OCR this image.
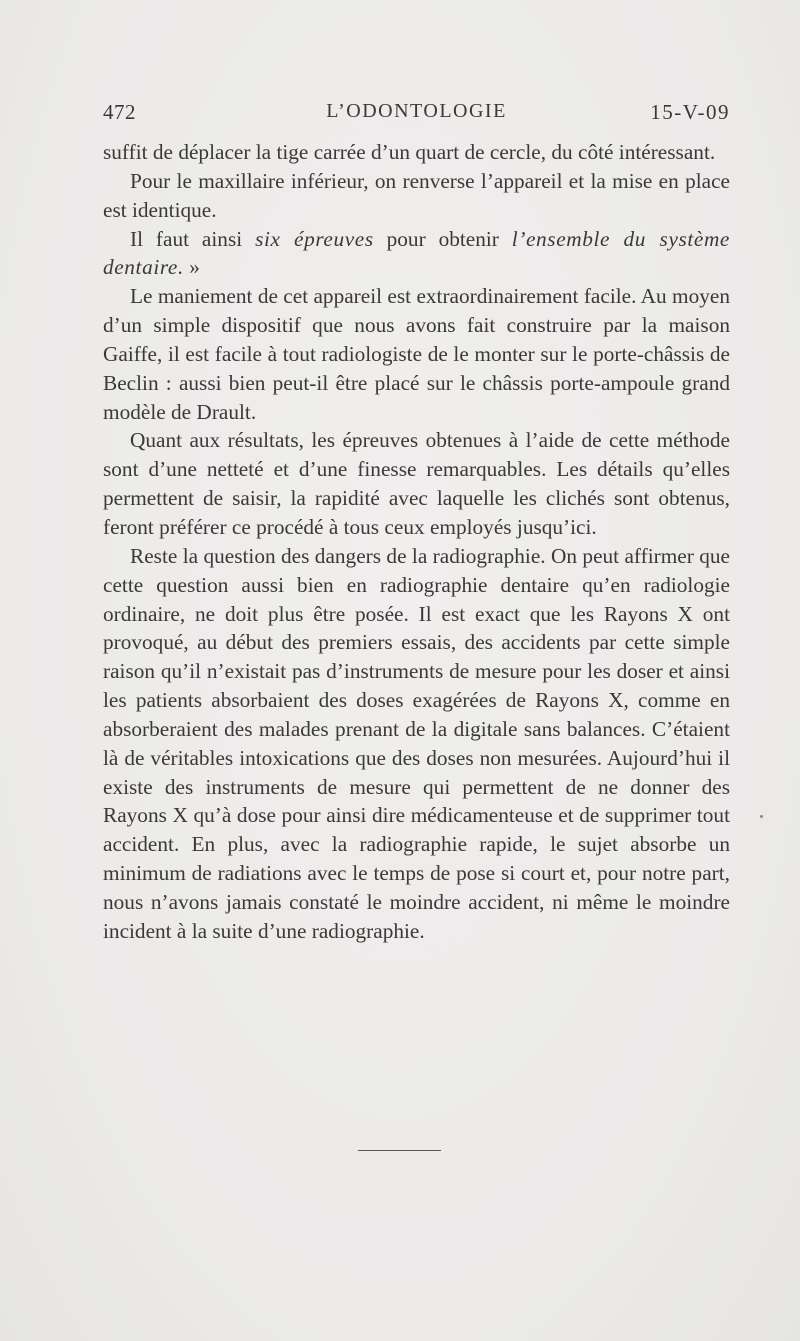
472	L’ODONTOLOGIE	15-V-09

suffit de déplacer la tige carrée d’un quart de cercle, du côté intéressant.

Pour le maxillaire inférieur, on renverse l’appareil et la mise en place est identique.

Il faut ainsi six épreuves pour obtenir l’ensemble du système dentaire. »

Le maniement de cet appareil est extraordinairement facile. Au moyen d’un simple dispositif que nous avons fait construire par la maison Gaiffe, il est facile à tout radiologiste de le monter sur le porte-châssis de Beclin : aussi bien peut-il être placé sur le châssis porte-ampoule grand modèle de Drault.

Quant aux résultats, les épreuves obtenues à l’aide de cette méthode sont d’une netteté et d’une finesse remarquables. Les détails qu’elles permettent de saisir, la rapidité avec laquelle les clichés sont obtenus, feront préférer ce procédé à tous ceux employés jusqu’ici.

Reste la question des dangers de la radiographie. On peut affirmer que cette question aussi bien en radiographie dentaire qu’en radiologie ordinaire, ne doit plus être posée. Il est exact que les Rayons X ont provoqué, au début des premiers essais, des accidents par cette simple raison qu’il n’existait pas d’instruments de mesure pour les doser et ainsi les patients absorbaient des doses exagérées de Rayons X, comme en absorberaient des malades prenant de la digitale sans balances. C’étaient là de véritables intoxications que des doses non mesurées. Aujourd’hui il existe des instruments de mesure qui permettent de ne donner des Rayons X qu’à dose pour ainsi dire médicamenteuse et de supprimer tout accident. En plus, avec la radiographie rapide, le sujet absorbe un minimum de radiations avec le temps de pose si court et, pour notre part, nous n’avons jamais constaté le moindre accident, ni même le moindre incident à la suite d’une radiographie.
